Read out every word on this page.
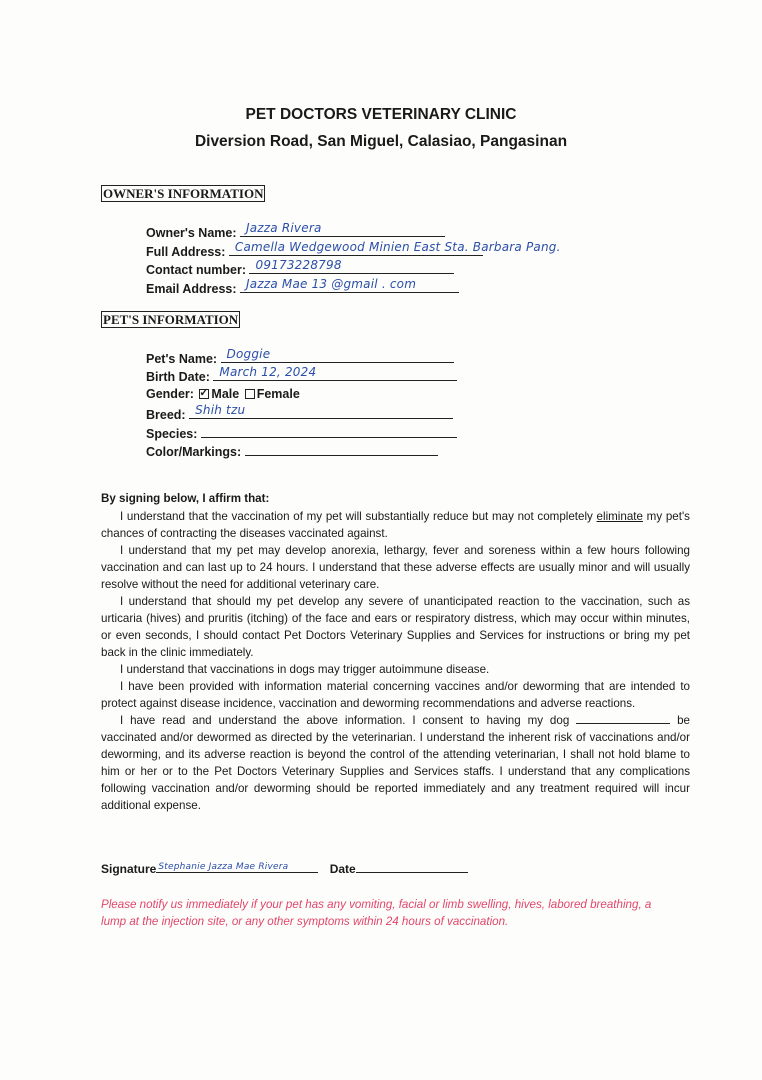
PET DOCTORS VETERINARY CLINIC
Diversion Road, San Miguel, Calasiao, Pangasinan
OWNER'S INFORMATION
Owner's Name: Jazza Rivera
Full Address: Camella Wedgewood Minien East Sta. Barbara Pang.
Contact number: 09173228798
Email Address: Jazza Mae 13 @gmail . com
PET'S INFORMATION
Pet's Name: Doggie
Birth Date: March 12, 2024
Gender: ✓ Male Female
Breed: Shih tzu
Species:
Color/Markings:
By signing below, I affirm that:

I understand that the vaccination of my pet will substantially reduce but may not completely eliminate my pet's chances of contracting the diseases vaccinated against.

I understand that my pet may develop anorexia, lethargy, fever and soreness within a few hours following vaccination and can last up to 24 hours. I understand that these adverse effects are usually minor and will usually resolve without the need for additional veterinary care.

I understand that should my pet develop any severe of unanticipated reaction to the vaccination, such as urticaria (hives) and pruritis (itching) of the face and ears or respiratory distress, which may occur within minutes, or even seconds, I should contact Pet Doctors Veterinary Supplies and Services for instructions or bring my pet back in the clinic immediately.

I understand that vaccinations in dogs may trigger autoimmune disease.

I have been provided with information material concerning vaccines and/or deworming that are intended to protect against disease incidence, vaccination and deworming recommendations and adverse reactions.

I have read and understand the above information. I consent to having my dog	be vaccinated and/or dewormed as directed by the veterinarian. I understand the inherent risk of vaccinations and/or deworming, and its adverse reaction is beyond the control of the attending veterinarian, I shall not hold blame to him or her or to the Pet Doctors Veterinary Supplies and Services staffs. I understand that any complications following vaccination and/or deworming should be reported immediately and any treatment required will incur additional expense.

Signature Stephanie Jazza Mae Rivera	Date
Please notify us immediately if your pet has any vomiting, facial or limb swelling, hives, labored breathing, a lump at the injection site, or any other symptoms within 24 hours of vaccination.
